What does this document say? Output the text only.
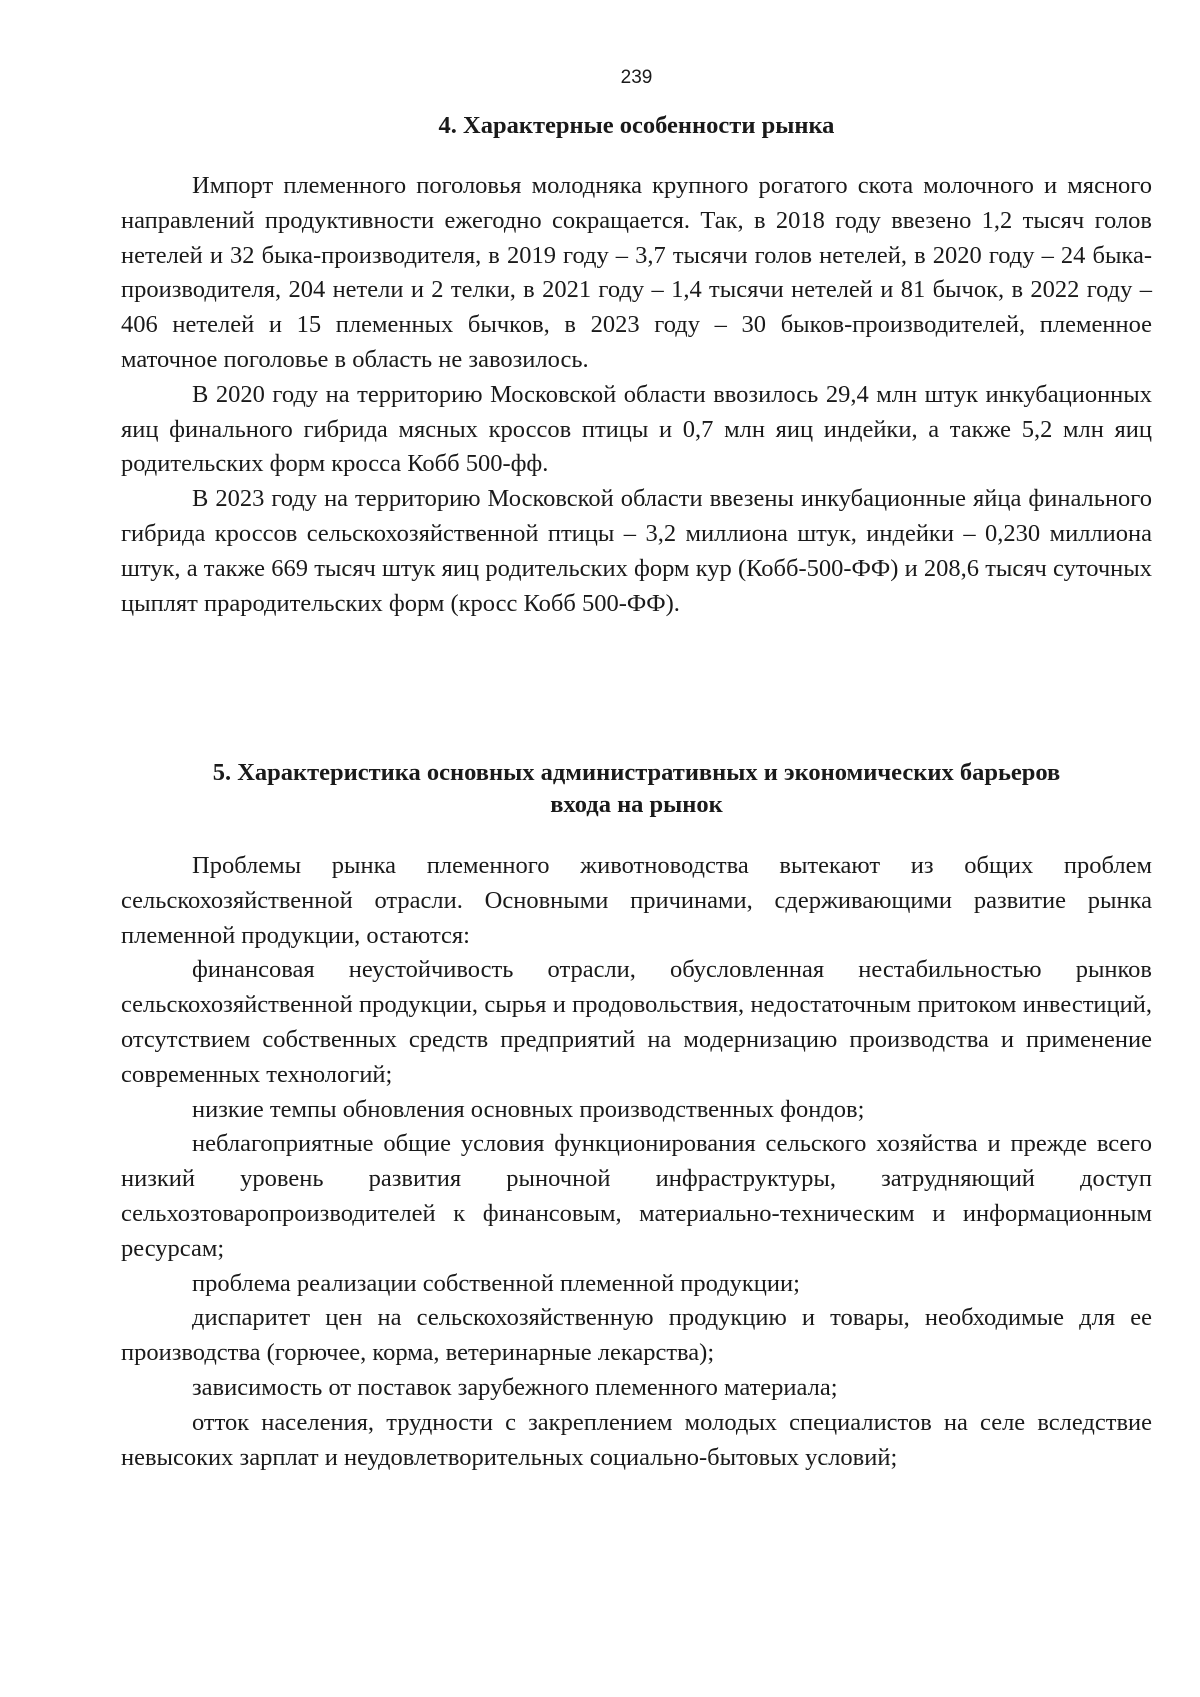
239
4. Характерные особенности рынка

Импорт племенного поголовья молодняка крупного рогатого скота молочного и мясного направлений продуктивности ежегодно сокращается. Так, в 2018 году ввезено 1,2 тысяч голов нетелей и 32 быка-производителя, в 2019 году – 3,7 тысячи голов нетелей, в 2020 году – 24 быка-производителя, 204 нетели и 2 телки, в 2021 году – 1,4 тысячи нетелей и 81 бычок, в 2022 году – 406 нетелей и 15 племенных бычков, в 2023 году – 30 быков-производителей, племенное маточное поголовье в область не завозилось.

В 2020 году на территорию Московской области ввозилось 29,4 млн штук инкубационных яиц финального гибрида мясных кроссов птицы и 0,7 млн яиц индейки, а также 5,2 млн яиц родительских форм кросса Кобб 500-фф.

В 2023 году на территорию Московской области ввезены инкубационные яйца финального гибрида кроссов сельскохозяйственной птицы – 3,2 миллиона штук, индейки – 0,230 миллиона штук, а также 669 тысяч штук яиц родительских форм кур (Кобб-500-ФФ) и 208,6 тысяч суточных цыплят прародительских форм (кросс Кобб 500-ФФ).

5. Характеристика основных административных и экономических барьеров
входа на рынок

Проблемы рынка племенного животноводства вытекают из общих проблем сельскохозяйственной отрасли. Основными причинами, сдерживающими развитие рынка племенной продукции, остаются:

финансовая неустойчивость отрасли, обусловленная нестабильностью рынков сельскохозяйственной продукции, сырья и продовольствия, недостаточным притоком инвестиций, отсутствием собственных средств предприятий на модернизацию производства и применение современных технологий;

низкие темпы обновления основных производственных фондов;

неблагоприятные общие условия функционирования сельского хозяйства и прежде всего низкий уровень развития рыночной инфраструктуры, затрудняющий доступ сельхозтоваропроизводителей к финансовым, материально-техническим и информационным ресурсам;

проблема реализации собственной племенной продукции;

диспаритет цен на сельскохозяйственную продукцию и товары, необходимые для ее производства (горючее, корма, ветеринарные лекарства);

зависимость от поставок зарубежного племенного материала;

отток населения, трудности с закреплением молодых специалистов на селе вследствие невысоких зарплат и неудовлетворительных социально-бытовых условий;
